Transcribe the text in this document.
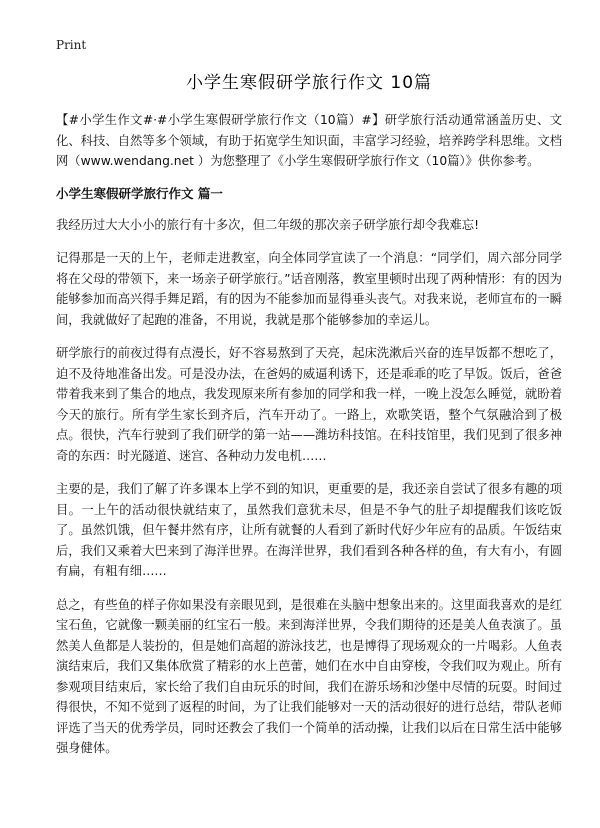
Print
小学生寒假研学旅行作文 10篇

【#小学生作文#·#小学生寒假研学旅行作文（10篇）#】研学旅行活动通常涵盖历史、文化、科技、自然等多个领域，有助于拓宽学生知识面，丰富学习经验，培养跨学科思维。文档网（www.wendang.net ）为您整理了《小学生寒假研学旅行作文（10篇）》供你参考。

小学生寒假研学旅行作文 篇一

我经历过大大小小的旅行有十多次，但二年级的那次亲子研学旅行却令我难忘!

记得那是一天的上午，老师走进教室，向全体同学宣读了一个消息：“同学们，周六部分同学将在父母的带领下，来一场亲子研学旅行。”话音刚落，教室里顿时出现了两种情形：有的因为能够参加而高兴得手舞足蹈，有的因为不能参加而显得垂头丧气。对我来说，老师宣布的一瞬间，我就做好了起跑的准备，不用说，我就是那个能够参加的幸运儿。

研学旅行的前夜过得有点漫长，好不容易熬到了天亮，起床洗漱后兴奋的连早饭都不想吃了，迫不及待地准备出发。可是没办法，在爸妈的威逼利诱下，还是乖乖的吃了早饭。饭后，爸爸带着我来到了集合的地点，我发现原来所有参加的同学和我一样，一晚上没怎么睡觉，就盼着今天的旅行。所有学生家长到齐后，汽车开动了。一路上，欢歌笑语，整个气氛融洽到了极点。很快，汽车行驶到了我们研学的第一站——潍坊科技馆。在科技馆里，我们见到了很多神奇的东西：时光隧道、迷宫、各种动力发电机……

主要的是，我们了解了许多课本上学不到的知识，更重要的是，我还亲自尝试了很多有趣的项目。一上午的活动很快就结束了，虽然我们意犹未尽，但是不争气的肚子却提醒我们该吃饭了。虽然饥饿，但午餐井然有序，让所有就餐的人看到了新时代好少年应有的品质。午饭结束后，我们又乘着大巴来到了海洋世界。在海洋世界，我们看到各种各样的鱼，有大有小，有圆有扁，有粗有细……

总之，有些鱼的样子你如果没有亲眼见到，是很难在头脑中想象出来的。这里面我喜欢的是红宝石鱼，它就像一颗美丽的红宝石一般。来到海洋世界，令我们期待的还是美人鱼表演了。虽然美人鱼都是人装扮的，但是她们高超的游泳技艺，也是博得了现场观众的一片喝彩。人鱼表演结束后，我们又集体欣赏了精彩的水上芭蕾，她们在水中自由穿梭，令我们叹为观止。所有参观项目结束后，家长给了我们自由玩乐的时间，我们在游乐场和沙堡中尽情的玩耍。时间过得很快，不知不觉到了返程的时间，为了让我们能够对一天的活动很好的进行总结，带队老师评选了当天的优秀学员，同时还教会了我们一个简单的活动操，让我们以后在日常生活中能够强身健体。
